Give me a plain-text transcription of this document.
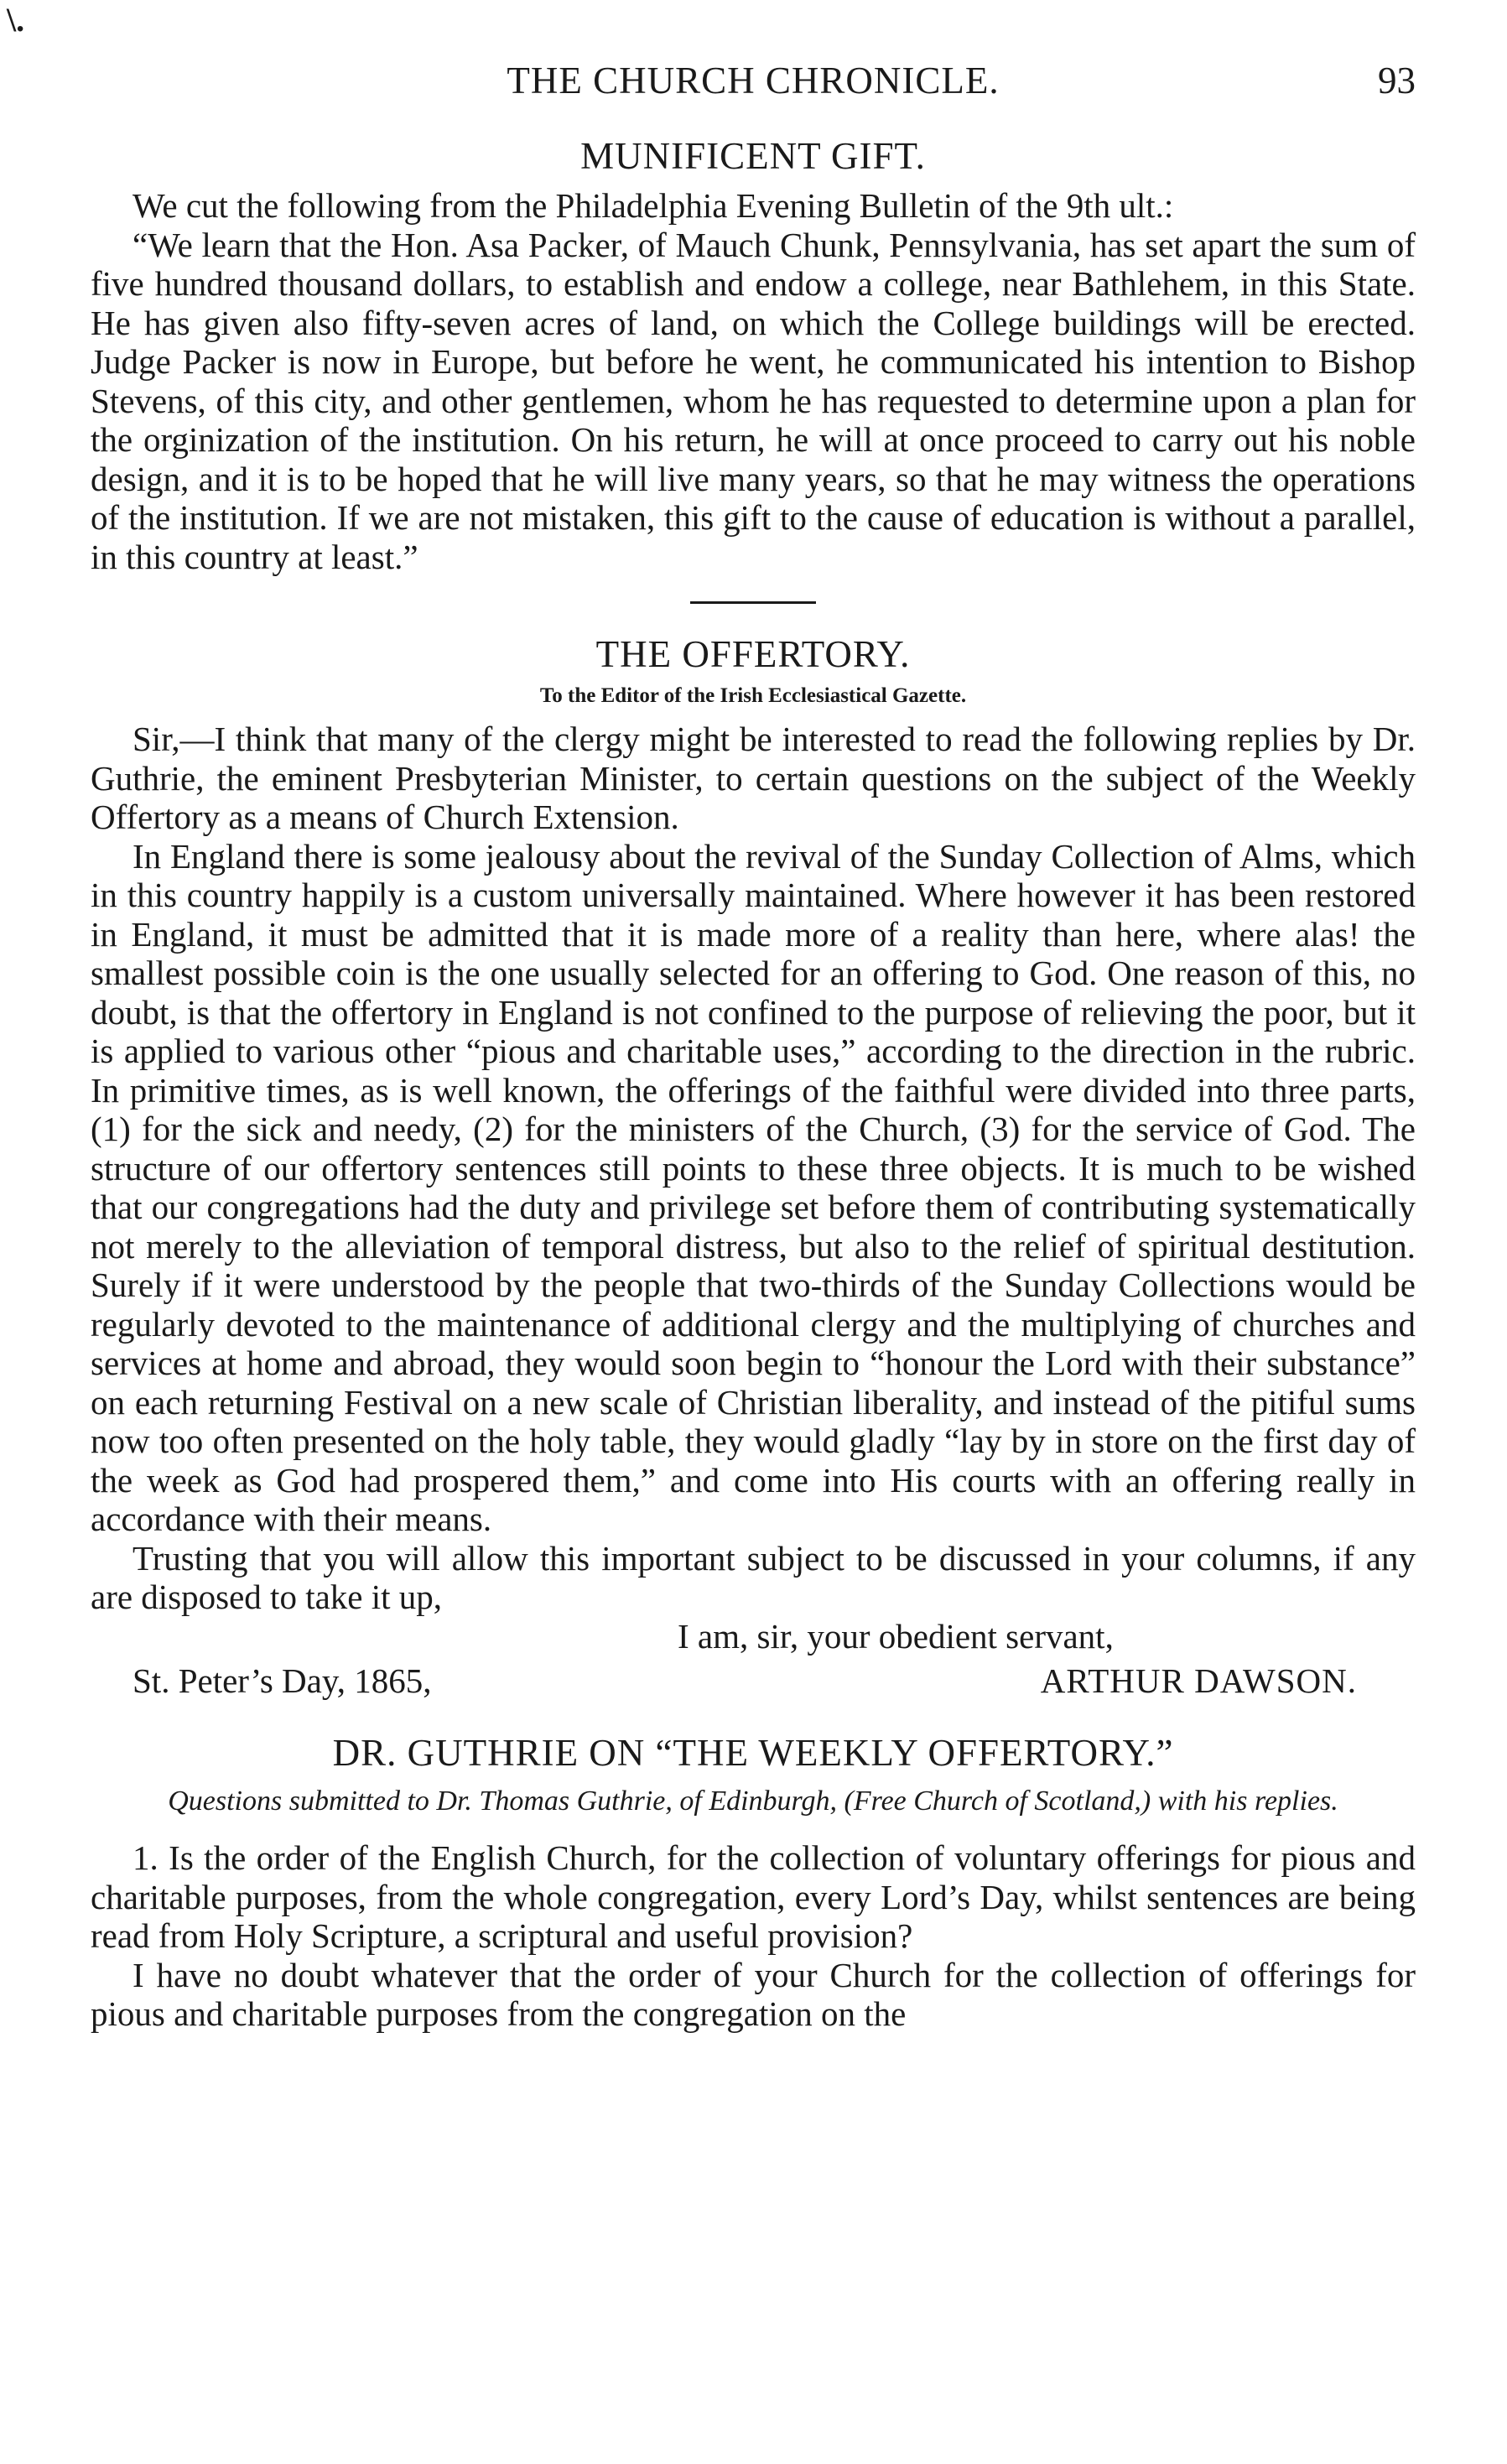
\.
THE CHURCH CHRONICLE.	93
MUNIFICENT GIFT.

We cut the following from the Philadelphia Evening Bulletin of the 9th ult.:

“We learn that the Hon. Asa Packer, of Mauch Chunk, Pennsylvania, has set apart the sum of five hundred thousand dollars, to establish and endow a college, near Bathlehem, in this State. He has given also fifty-seven acres of land, on which the College buildings will be erected. Judge Packer is now in Europe, but before he went, he communicated his intention to Bishop Stevens, of this city, and other gentlemen, whom he has requested to determine upon a plan for the orginization of the institution. On his return, he will at once proceed to carry out his noble design, and it is to be hoped that he will live many years, so that he may witness the operations of the institution. If we are not mistaken, this gift to the cause of education is without a parallel, in this country at least.”

THE OFFERTORY.
To the Editor of the Irish Ecclesiastical Gazette.

Sir,—I think that many of the clergy might be interested to read the following replies by Dr. Guthrie, the eminent Presbyterian Minister, to certain questions on the subject of the Weekly Offertory as a means of Church Extension.

In England there is some jealousy about the revival of the Sunday Collection of Alms, which in this country happily is a custom universally maintained. Where however it has been restored in England, it must be admitted that it is made more of a reality than here, where alas! the smallest possible coin is the one usually selected for an offering to God. One reason of this, no doubt, is that the offertory in England is not confined to the purpose of relieving the poor, but it is applied to various other “pious and charitable uses,” according to the direction in the rubric. In primitive times, as is well known, the offerings of the faithful were divided into three parts, (1) for the sick and needy, (2) for the ministers of the Church, (3) for the service of God. The structure of our offertory sentences still points to these three objects. It is much to be wished that our congregations had the duty and privilege set before them of contributing systematically not merely to the alleviation of temporal distress, but also to the relief of spiritual destitution. Surely if it were understood by the people that two-thirds of the Sunday Collections would be regularly devoted to the maintenance of additional clergy and the multiplying of churches and services at home and abroad, they would soon begin to “honour the Lord with their substance” on each returning Festival on a new scale of Christian liberality, and instead of the pitiful sums now too often presented on the holy table, they would gladly “lay by in store on the first day of the week as God had prospered them,” and come into His courts with an offering really in accordance with their means.

Trusting that you will allow this important subject to be discussed in your columns, if any are disposed to take it up,

I am, sir, your obedient servant,
St. Peter’s Day, 1865,	ARTHUR DAWSON.
DR. GUTHRIE ON “THE WEEKLY OFFERTORY.”
Questions submitted to Dr. Thomas Guthrie, of Edinburgh, (Free Church of Scotland,) with his replies.

1. Is the order of the English Church, for the collection of voluntary offerings for pious and charitable purposes, from the whole congregation, every Lord’s Day, whilst sentences are being read from Holy Scripture, a scriptural and useful provision?

I have no doubt whatever that the order of your Church for the collection of offerings for pious and charitable purposes from the congregation on the
